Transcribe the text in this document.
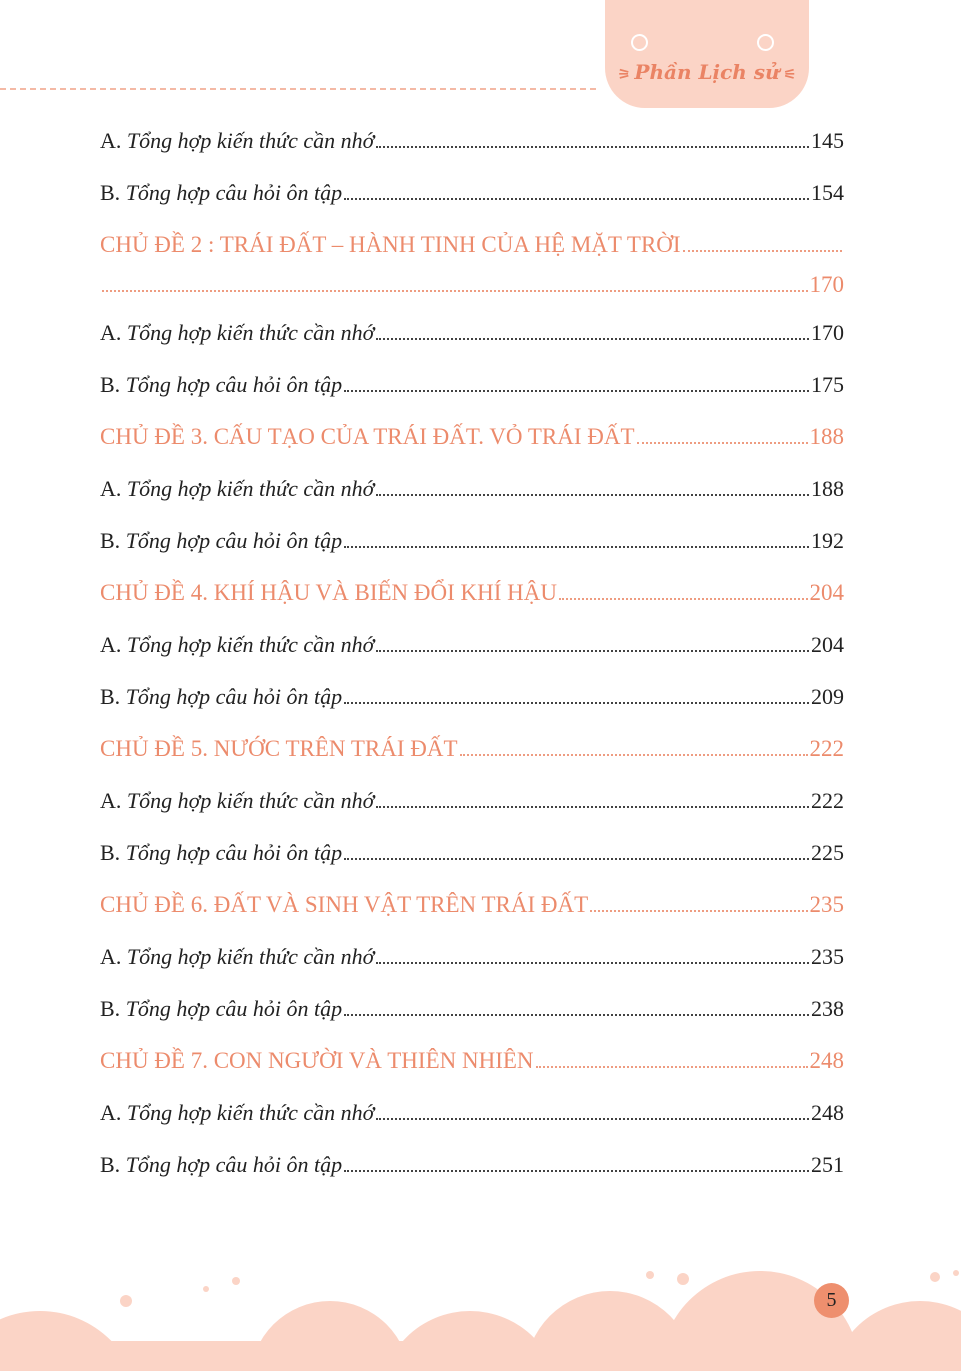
⚞ Phần Lịch sử ⚟
A. Tổng hợp kiến thức cần nhớ	145
B. Tổng hợp câu hỏi ôn tập	154
CHỦ ĐỀ 2 : TRÁI ĐẤT – HÀNH TINH CỦA HỆ MẶT TRỜI
170
A. Tổng hợp kiến thức cần nhớ	170
B. Tổng hợp câu hỏi ôn tập	175
CHỦ ĐỀ 3. CẤU TẠO CỦA TRÁI ĐẤT. VỎ TRÁI ĐẤT	188
A. Tổng hợp kiến thức cần nhớ	188
B. Tổng hợp câu hỏi ôn tập	192
CHỦ ĐỀ 4. KHÍ HẬU VÀ BIẾN ĐỔI KHÍ HẬU	204
A. Tổng hợp kiến thức cần nhớ	204
B. Tổng hợp câu hỏi ôn tập	209
CHỦ ĐỀ 5. NƯỚC TRÊN TRÁI ĐẤT	222
A. Tổng hợp kiến thức cần nhớ	222
B. Tổng hợp câu hỏi ôn tập	225
CHỦ ĐỀ 6. ĐẤT VÀ SINH VẬT TRÊN TRÁI ĐẤT	235
A. Tổng hợp kiến thức cần nhớ	235
B. Tổng hợp câu hỏi ôn tập	238
CHỦ ĐỀ 7. CON NGƯỜI VÀ THIÊN NHIÊN	248
A. Tổng hợp kiến thức cần nhớ	248
B. Tổng hợp câu hỏi ôn tập	251
5
